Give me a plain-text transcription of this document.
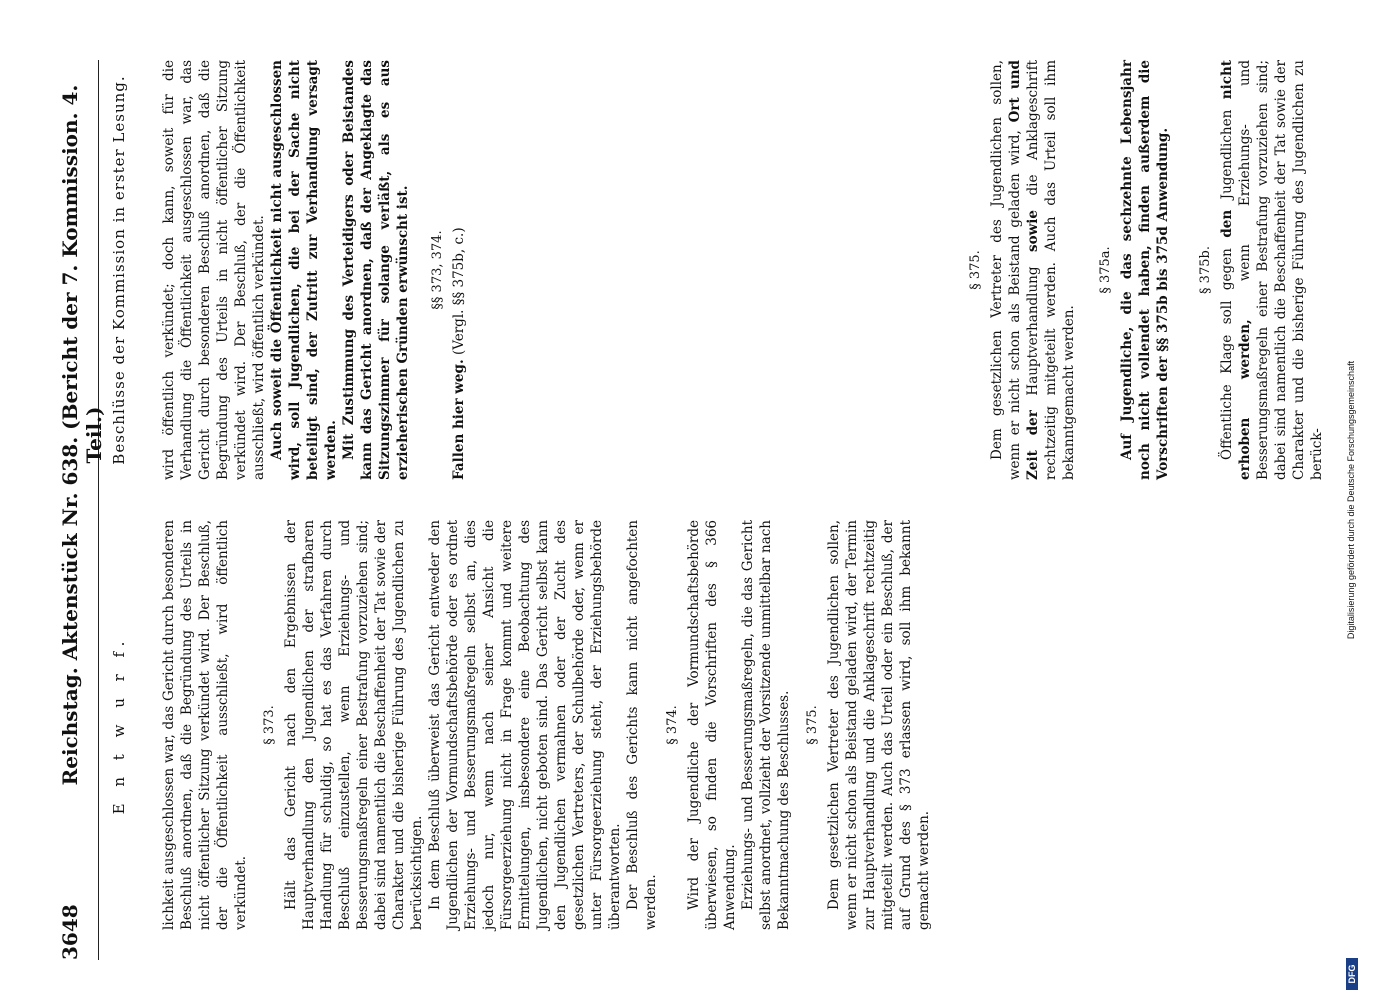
3648
Reichstag. Aktenstück Nr. 638. (Bericht der 7. Kommission. 4. Teil.)
E n t w u r f. lichkeit ausgeschlossen war, das Gericht durch besonderen Beschluß anordnen, daß die Begründung des Urteils in nicht öffentlicher Sitzung verkündet wird. Der Beschluß, der die Öffentlichkeit ausschließt, wird öffentlich verkündet.

§ 373. Hält das Gericht nach den Ergebnissen der Hauptverhandlung den Jugendlichen der strafbaren Handlung für schuldig, so hat es das Verfahren durch Beschluß einzustellen, wenn Erziehungs- und Besserungsmaßregeln einer Bestrafung vorzuziehen sind; dabei sind namentlich die Beschaffenheit der Tat sowie der Charakter und die bisherige Führung des Jugendlichen zu berücksichtigen. In dem Beschluß überweist das Gericht entweder den Jugendlichen der Vormundschaftsbehörde oder es ordnet Erziehungs- und Besserungsmaßregeln selbst an, dies jedoch nur, wenn nach seiner Ansicht die Fürsorgeerziehung nicht in Frage kommt und weitere Ermittelungen, insbesondere eine Beobachtung des Jugendlichen, nicht geboten sind. Das Gericht selbst kann den Jugendlichen vermahnen oder der Zucht des gesetzlichen Vertreters, der Schulbehörde oder, wenn er unter Fürsorgeerziehung steht, der Erziehungsbehörde überantworten. Der Beschluß des Gerichts kann nicht angefochten werden.

§ 374. Wird der Jugendliche der Vormundschaftsbehörde überwiesen, so finden die Vorschriften des § 366 Anwendung. Erziehungs- und Besserungsmaßregeln, die das Gericht selbst anordnet, vollzieht der Vorsitzende unmittelbar nach Bekanntmachung des Beschlusses. § 375. Dem gesetzlichen Vertreter des Jugendlichen sollen, wenn er nicht schon als Beistand geladen wird, der Termin zur Hauptverhandlung und die Anklageschrift rechtzeitig mitgeteilt werden. Auch das Urteil oder ein Beschluß, der auf Grund des § 373 erlassen wird, soll ihm bekannt gemacht werden.

Beschlüsse der Kommission in erster Lesung. wird öffentlich verkündet; doch kann, soweit für die Verhandlung die Öffentlichkeit ausgeschlossen war, das Gericht durch besonderen Beschluß anordnen, daß die Begründung des Urteils in nicht öffentlicher Sitzung verkündet wird. Der Beschluß, der die Öffentlichkeit ausschließt, wird öffentlich verkündet. Auch soweit die Öffentlichkeit nicht ausgeschlossen wird, soll Jugendlichen, die bei der Sache nicht beteiligt sind, der Zutritt zur Verhandlung versagt werden. Mit Zustimmung des Verteidigers oder Beistandes kann das Gericht anordnen, daß der Angeklagte das Sitzungszimmer für solange verläßt, als es aus erzieherischen Gründen erwünscht ist. §§ 373, 374.

Fallen hier weg. (Vergl. §§ 375b, c.)	§ 375. Dem gesetzlichen Vertreter des Jugendlichen sollen, wenn er nicht schon als Beistand geladen wird, Ort und Zeit der Hauptverhandlung sowie die Anklageschrift rechtzeitig mitgeteilt werden. Auch das Urteil soll ihm bekanntgemacht werden.

§ 375a. Auf Jugendliche, die das sechzehnte Lebensjahr noch nicht vollendet haben, finden außerdem die Vorschriften der §§ 375b bis 375d Anwendung. § 375b. Öffentliche Klage soll gegen den Jugendlichen nicht erhoben werden, wenn Erziehungs- und Besserungsmaßregeln einer Bestrafung vorzuziehen sind; dabei sind namentlich die Beschaffenheit der Tat sowie der Charakter und die bisherige Führung des Jugendlichen zu berück-

DFG
Digitalisierung gefördert durch die Deutsche Forschungsgemeinschaft
